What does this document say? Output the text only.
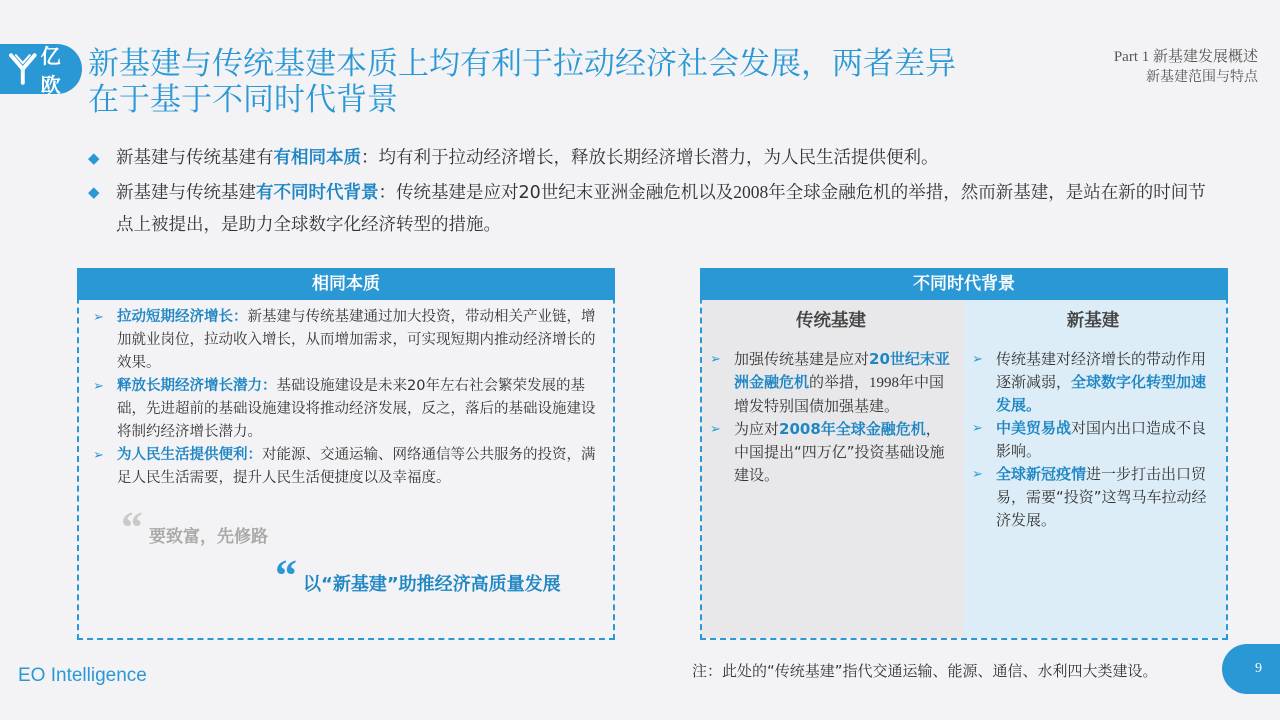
亿欧
新基建与传统基建本质上均有利于拉动经济社会发展，两者差异在于基于不同时代背景
Part 1 新基建发展概述
新基建范围与特点
◆ 新基建与传统基建有有相同本质：均有利于拉动经济增长，释放长期经济增长潜力，为人民生活提供便利。
◆ 新基建与传统基建有不同时代背景：传统基建是应对20世纪末亚洲金融危机以及2008年全球金融危机的举措，然而新基建，是站在新的时间节点上被提出，是助力全球数字化经济转型的措施。
相同本质
➢ 拉动短期经济增长：新基建与传统基建通过加大投资，带动相关产业链，增加就业岗位，拉动收入增长，从而增加需求，可实现短期内推动经济增长的效果。
➢ 释放长期经济增长潜力：基础设施建设是未来20年左右社会繁荣发展的基础，先进超前的基础设施建设将推动经济发展，反之，落后的基础设施建设将制约经济增长潜力。
➢ 为人民生活提供便利：对能源、交通运输、网络通信等公共服务的投资，满足人民生活需要，提升人民生活便捷度以及幸福度。
“ 要致富，先修路
“ 以“新基建”助推经济高质量发展
不同时代背景
传统基建
➢ 加强传统基建是应对20世纪末亚洲金融危机的举措，1998年中国增发特别国债加强基建。
➢ 为应对2008年全球金融危机，中国提出“四万亿”投资基础设施建设。
新基建
➢ 传统基建对经济增长的带动作用逐渐减弱，全球数字化转型加速发展。
➢ 中美贸易战对国内出口造成不良影响。
➢ 全球新冠疫情进一步打击出口贸易，需要“投资”这驾马车拉动经济发展。
EO Intelligence	注：此处的“传统基建”指代交通运输、能源、通信、水利四大类建设。	9
